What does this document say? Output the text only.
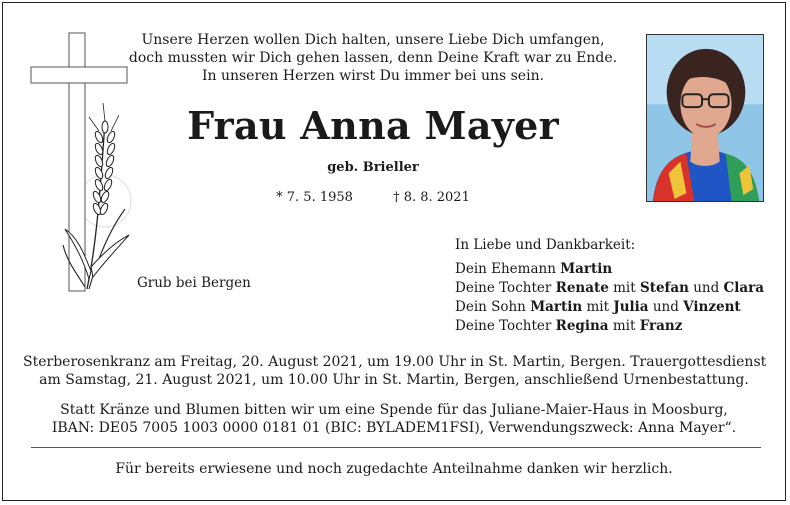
Unsere Herzen wollen Dich halten, unsere Liebe Dich umfangen,
doch mussten wir Dich gehen lassen, denn Deine Kraft war zu Ende.
In unseren Herzen wirst Du immer bei uns sein.
Frau Anna Mayer
geb. Brieller
* 7. 5. 1958	† 8. 8. 2021
Grub bei Bergen
In Liebe und Dankbarkeit:
Dein Ehemann Martin
Deine Tochter Renate mit Stefan und Clara
Dein Sohn Martin mit Julia und Vinzent
Deine Tochter Regina mit Franz
Sterberosenkranz am Freitag, 20. August 2021, um 19.00 Uhr in St. Martin, Bergen. Trauergottesdienst
am Samstag, 21. August 2021, um 10.00 Uhr in St. Martin, Bergen, anschließend Urnenbestattung.
Statt Kränze und Blumen bitten wir um eine Spende für das Juliane-Maier-Haus in Moosburg,
IBAN: DE05 7005 1003 0000 0181 01 (BIC: BYLADEM1FSI), Verwendungszweck: Anna Mayer“.
Für bereits erwiesene und noch zugedachte Anteilnahme danken wir herzlich.
